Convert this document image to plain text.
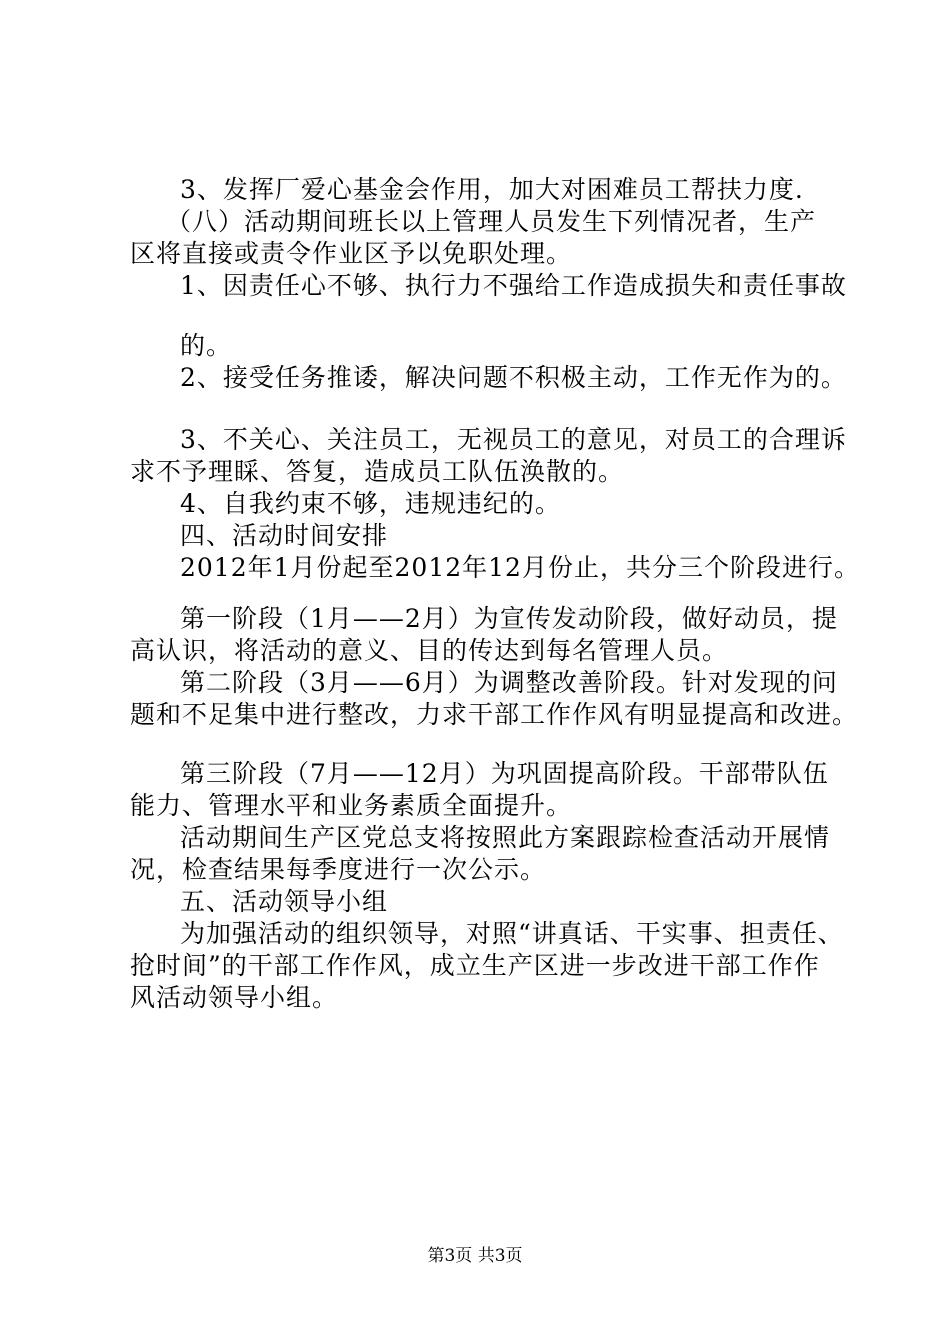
3、发挥厂爱心基金会作用，加大对困难员工帮扶力度.
（八）活动期间班长以上管理人员发生下列情况者，生产
区将直接或责令作业区予以免职处理。
1、因责任心不够、执行力不强给工作造成损失和责任事故
的。
2、接受任务推诿，解决问题不积极主动，工作无作为的。
3、不关心、关注员工，无视员工的意见，对员工的合理诉
求不予理睬、答复，造成员工队伍涣散的。
4、自我约束不够，违规违纪的。
四、活动时间安排
2012年1月份起至2012年12月份止，共分三个阶段进行。
第一阶段（1月——2月）为宣传发动阶段，做好动员，提
高认识，将活动的意义、目的传达到每名管理人员。
第二阶段（3月——6月）为调整改善阶段。针对发现的问
题和不足集中进行整改，力求干部工作作风有明显提高和改进。
第三阶段（7月——12月）为巩固提高阶段。干部带队伍
能力、管理水平和业务素质全面提升。
活动期间生产区党总支将按照此方案跟踪检查活动开展情
况，检查结果每季度进行一次公示。
五、活动领导小组
为加强活动的组织领导，对照“讲真话、干实事、担责任、
抢时间”的干部工作作风，成立生产区进一步改进干部工作作
风活动领导小组。
第3页 共3页
